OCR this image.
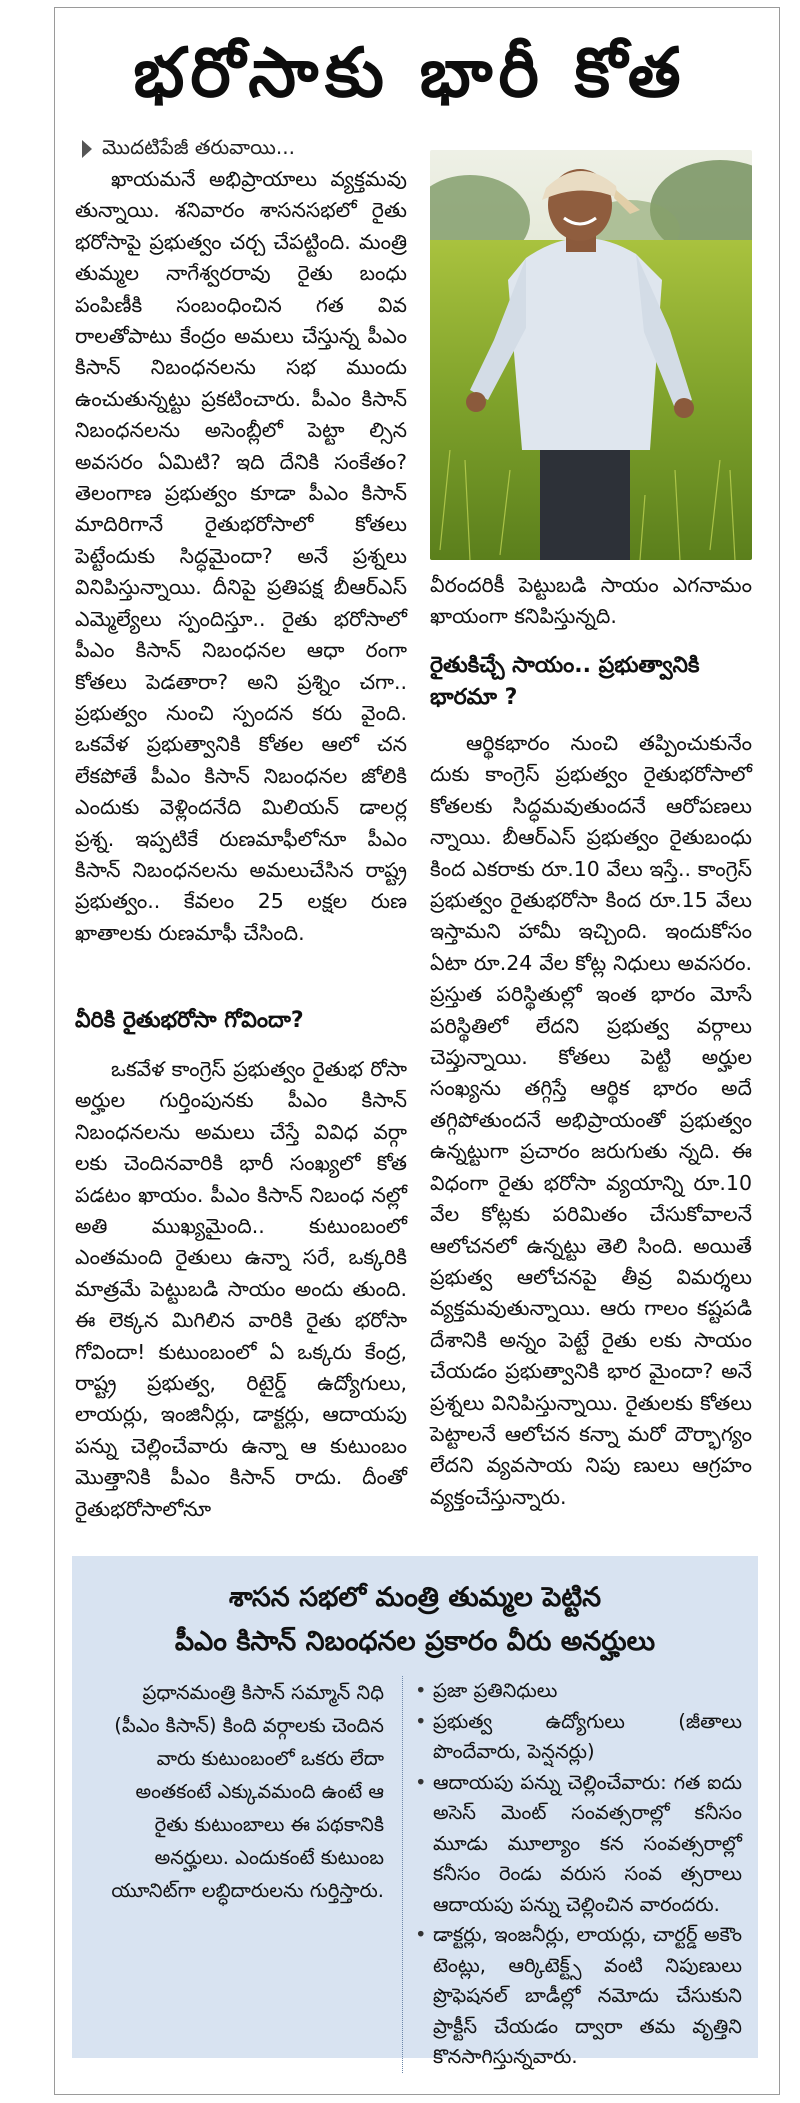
భరోసాకు భారీ కోత
మొదటిపేజీ తరువాయి...

ఖాయమనే అభిప్రాయాలు వ్యక్తమవు తున్నాయి. శనివారం శాసనసభలో రైతు భరోసాపై ప్రభుత్వం చర్చ చేపట్టింది. మంత్రి తుమ్మల నాగేశ్వరరావు రైతు బంధు పంపిణీకి సంబంధించిన గత వివ రాలతోపాటు కేంద్రం అమలు చేస్తున్న పీఎం కిసాన్ నిబంధనలను సభ ముందు ఉంచుతున్నట్టు ప్రకటించారు. పీఎం కిసాన్ నిబంధనలను అసెంబ్లీలో పెట్టా ల్సిన అవసరం ఏమిటి? ఇది దేనికి సంకేతం? తెలంగాణ ప్రభుత్వం కూడా పీఎం కిసాన్ మాదిరిగానే రైతుభరోసాలో కోతలు పెట్టేందుకు సిద్ధమైందా? అనే ప్రశ్నలు వినిపిస్తున్నాయి. దీనిపై ప్రతిపక్ష బీఆర్ఎస్ ఎమ్మెల్యేలు స్పందిస్తూ.. రైతు భరోసాలో పీఎం కిసాన్ నిబంధనల ఆధా రంగా కోతలు పెడతారా? అని ప్రశ్నిం చగా.. ప్రభుత్వం నుంచి స్పందన కరు వైంది. ఒకవేళ ప్రభుత్వానికి కోతల ఆలో చన లేకపోతే పీఎం కిసాన్ నిబంధనల జోలికి ఎందుకు వెళ్లిందనేది మిలియన్ డాలర్ల ప్రశ్న. ఇప్పటికే రుణమాఫీలోనూ పీఎం కిసాన్ నిబంధనలను అమలుచేసిన రాష్ట్ర ప్రభుత్వం.. కేవలం 25 లక్షల రుణ ఖాతాలకు రుణమాఫీ చేసింది.

వీరికి రైతుభరోసా గోవిందా?

ఒకవేళ కాంగ్రెస్ ప్రభుత్వం రైతుభ రోసా అర్హుల గుర్తింపునకు పీఎం కిసాన్ నిబంధనలను అమలు చేస్తే వివిధ వర్గా లకు చెందినవారికి భారీ సంఖ్యలో కోత పడటం ఖాయం. పీఎం కిసాన్ నిబంధ నల్లో అతి ముఖ్యమైంది.. కుటుంబంలో ఎంతమంది రైతులు ఉన్నా సరే, ఒక్కరికి మాత్రమే పెట్టుబడి సాయం అందు తుంది. ఈ లెక్కన మిగిలిన వారికి రైతు భరోసా గోవిందా! కుటుంబంలో ఏ ఒక్కరు కేంద్ర, రాష్ట్ర ప్రభుత్వ, రిటైర్డ్ ఉద్యోగులు, లాయర్లు, ఇంజినీర్లు, డాక్టర్లు, ఆదాయపు పన్ను చెల్లించేవారు ఉన్నా ఆ కుటుంబం మొత్తానికి పీఎం కిసాన్ రాదు. దీంతో రైతుభరోసాలోనూ

వీరందరికీ పెట్టుబడి సాయం ఎగనామం ఖాయంగా కనిపిస్తున్నది.

రైతుకిచ్చే సాయం.. ప్రభుత్వానికి భారమా ?

ఆర్థికభారం నుంచి తప్పించుకునేం దుకు కాంగ్రెస్ ప్రభుత్వం రైతుభరోసాలో కోతలకు సిద్ధమవుతుందనే ఆరోపణలు న్నాయి. బీఆర్ఎస్ ప్రభుత్వం రైతుబంధు కింద ఎకరాకు రూ.10 వేలు ఇస్తే.. కాంగ్రెస్ ప్రభుత్వం రైతుభరోసా కింద రూ.15 వేలు ఇస్తామని హామీ ఇచ్చింది. ఇందుకోసం ఏటా రూ.24 వేల కోట్ల నిధులు అవసరం. ప్రస్తుత పరిస్థితుల్లో ఇంత భారం మోసే పరిస్థితిలో లేదని ప్రభుత్వ వర్గాలు చెప్తున్నాయి. కోతలు పెట్టి అర్హుల సంఖ్యను తగ్గిస్తే ఆర్థిక భారం అదే తగ్గిపోతుందనే అభిప్రాయంతో ప్రభుత్వం ఉన్నట్టుగా ప్రచారం జరుగుతు న్నది. ఈ విధంగా రైతు భరోసా వ్యయాన్ని రూ.10 వేల కోట్లకు పరిమితం చేసుకోవాలనే ఆలోచనలో ఉన్నట్టు తెలి సింది. అయితే ప్రభుత్వ ఆలోచనపై తీవ్ర విమర్శలు వ్యక్తమవుతున్నాయి. ఆరు గాలం కష్టపడి దేశానికి అన్నం పెట్టే రైతు లకు సాయం చేయడం ప్రభుత్వానికి భార మైందా? అనే ప్రశ్నలు వినిపిస్తున్నాయి. రైతులకు కోతలు పెట్టాలనే ఆలోచన కన్నా మరో దౌర్భాగ్యం లేదని వ్యవసాయ నిపు ణులు ఆగ్రహం వ్యక్తంచేస్తున్నారు.

శాసన సభలో మంత్రి తుమ్మల పెట్టిన
పీఎం కిసాన్ నిబంధనల ప్రకారం వీరు అనర్హులు
ప్రధానమంత్రి కిసాన్ సమ్మాన్ నిధి (పీఎం కిసాన్) కింది వర్గాలకు చెందిన వారు కుటుంబంలో ఒకరు లేదా అంతకంటే ఎక్కువమంది ఉంటే ఆ రైతు కుటుంబాలు ఈ పథకానికి అనర్హులు. ఎందుకంటే కుటుంబ యూనిట్‌గా లబ్ధిదారులను గుర్తిస్తారు.
• ప్రజా ప్రతినిధులు
• ప్రభుత్వ ఉద్యోగులు (జీతాలు పొందేవారు, పెన్షనర్లు)
• ఆదాయపు పన్ను చెల్లించేవారు: గత ఐదు అసెస్ మెంట్ సంవత్సరాల్లో కనీసం మూడు మూల్యాం కన సంవత్సరాల్లో కనీసం రెండు వరుస సంవ త్సరాలు ఆదాయపు పన్ను చెల్లించిన వారందరు.
• డాక్టర్లు, ఇంజనీర్లు, లాయర్లు, చార్టర్డ్ అకౌం టెంట్లు, ఆర్కిటెక్ట్స్ వంటి నిపుణులు ప్రొఫెషనల్ బాడీల్లో నమోదు చేసుకుని ప్రాక్టీస్ చేయడం ద్వారా తమ వృత్తిని కొనసాగిస్తున్నవారు.
